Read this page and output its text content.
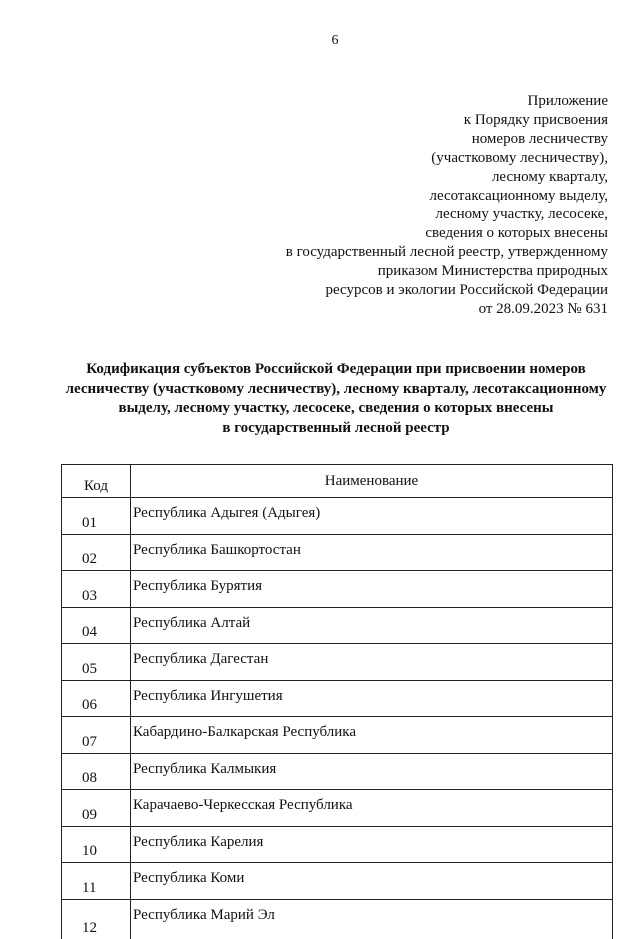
6
Приложение
к Порядку присвоения
номеров лесничеству
(участковому лесничеству),
лесному кварталу,
лесотаксационному выделу,
лесному участку, лесосеке,
сведения о которых внесены
в государственный лесной реестр, утвержденному
приказом Министерства природных
ресурсов и экологии Российской Федерации
от 28.09.2023 № 631
Кодификация субъектов Российской Федерации при присвоении номеров
лесничеству (участковому лесничеству), лесному кварталу, лесотаксационному
выделу, лесному участку, лесосеке, сведения о которых внесены
в государственный лесной реестр
Код	Наименование
01	Республика Адыгея (Адыгея)
02	Республика Башкортостан
03	Республика Бурятия
04	Республика Алтай
05	Республика Дагестан
06	Республика Ингушетия
07	Кабардино-Балкарская Республика
08	Республика Калмыкия
09	Карачаево-Черкесская Республика
10	Республика Карелия
11	Республика Коми
12	Республика Марий Эл
